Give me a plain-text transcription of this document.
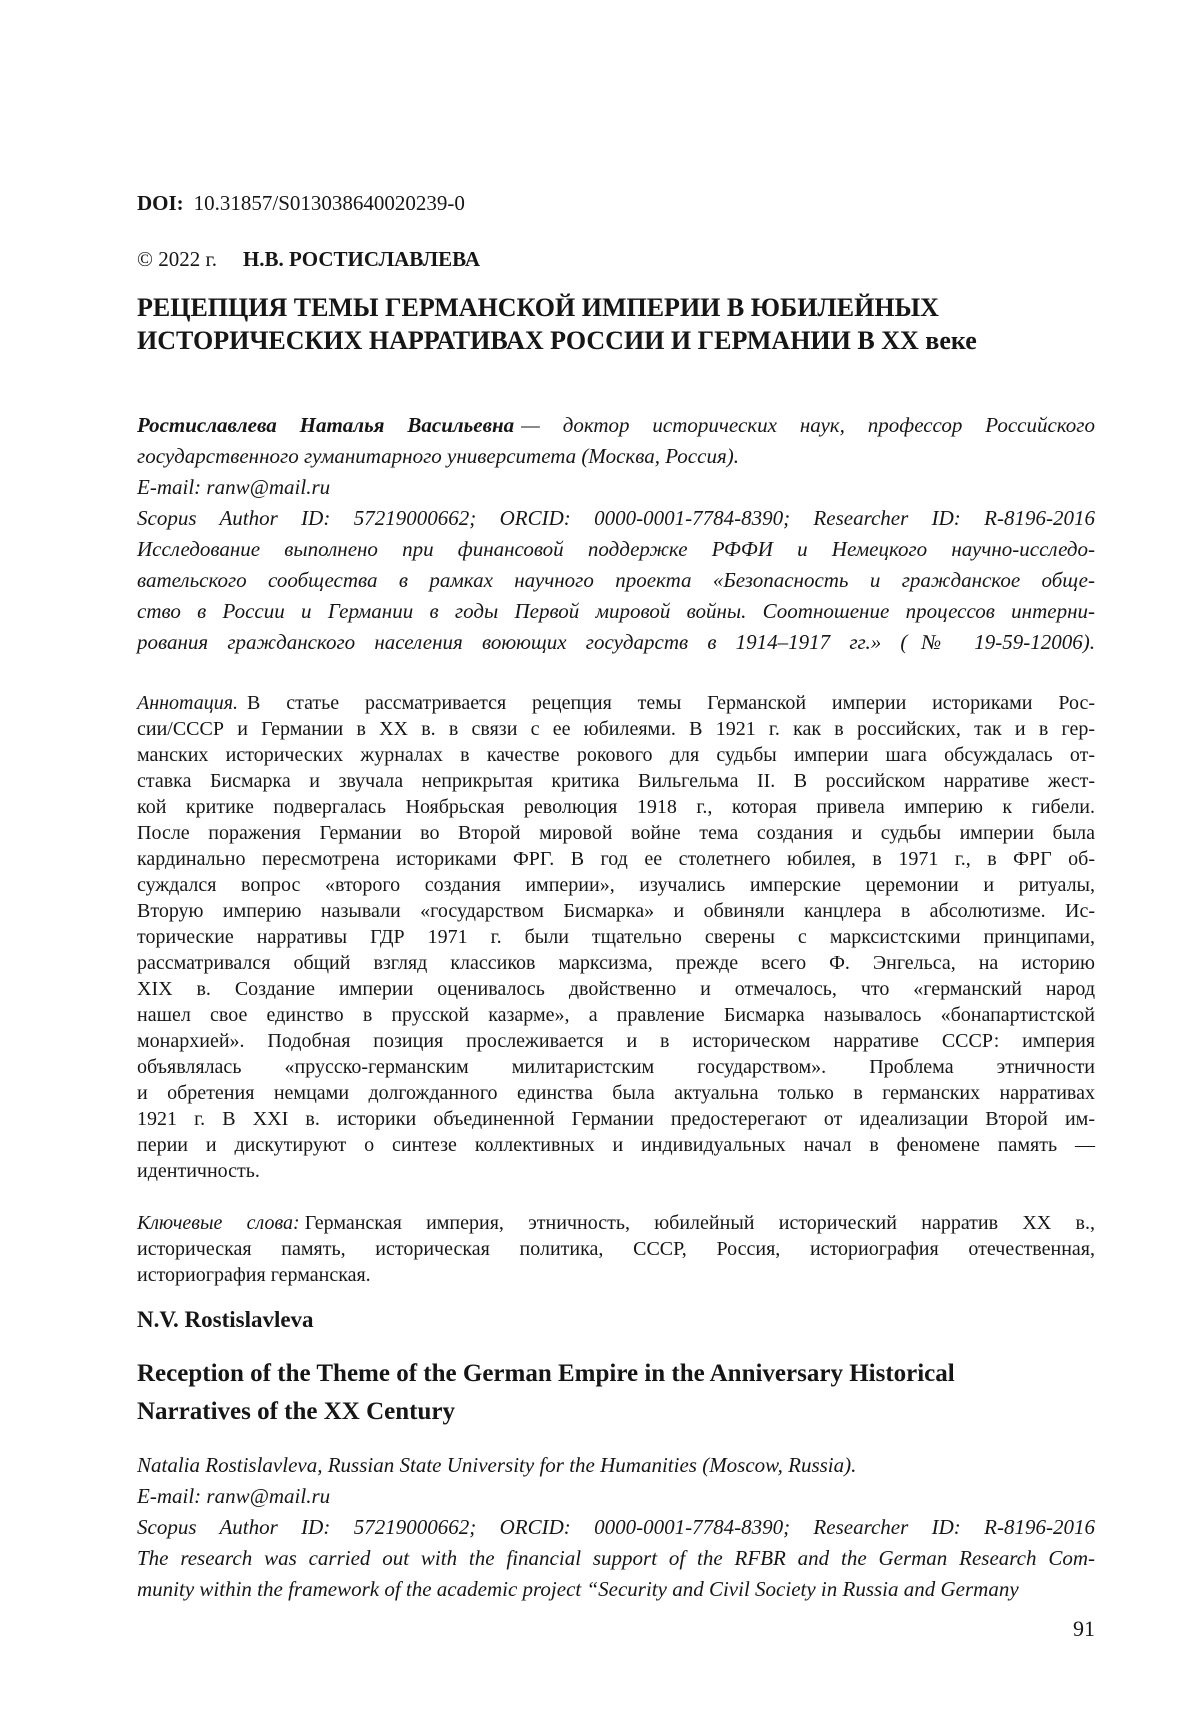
DOI: 10.31857/S013038640020239-0
© 2022 г. Н.В. РОСТИСЛАВЛЕВА
РЕЦЕПЦИЯ ТЕМЫ ГЕРМАНСКОЙ ИМПЕРИИ В ЮБИЛЕЙНЫХ
ИСТОРИЧЕСКИХ НАРРАТИВАХ РОССИИ И ГЕРМАНИИ В XX веке
Ростиславлева Наталья Васильевна — доктор исторических наук, профессор Российского
государственного гуманитарного университета (Москва, Россия).
E-mail: ranw@mail.ru
Scopus Author ID: 57219000662; ORCID: 0000-0001-7784-8390; Researcher ID: R-8196-2016
Исследование выполнено при финансовой поддержке РФФИ и Немецкого научно-исследо-
вательского сообщества в рамках научного проекта «Безопасность и гражданское обще-
ство в России и Германии в годы Первой мировой войны. Соотношение процессов интерни-
рования гражданского населения воюющих государств в 1914–1917 гг.» (№ 19-59-12006).
Аннотация. В статье рассматривается рецепция темы Германской империи историками Рос-
сии/СССР и Германии в XX в. в связи с ее юбилеями. В 1921 г. как в российских, так и в гер-
манских исторических журналах в качестве рокового для судьбы империи шага обсуждалась от-
ставка Бисмарка и звучала неприкрытая критика Вильгельма II. В российском нарративе жест-
кой критике подвергалась Ноябрьская революция 1918 г., которая привела империю к гибели.
После поражения Германии во Второй мировой войне тема создания и судьбы империи была
кардинально пересмотрена историками ФРГ. В год ее столетнего юбилея, в 1971 г., в ФРГ об-
суждался вопрос «второго создания империи», изучались имперские церемонии и ритуалы,
Вторую империю называли «государством Бисмарка» и обвиняли канцлера в абсолютизме. Ис-
торические нарративы ГДР 1971 г. были тщательно сверены с марксистскими принципами,
рассматривался общий взгляд классиков марксизма, прежде всего Ф. Энгельса, на историю
XIX в. Создание империи оценивалось двойственно и отмечалось, что «германский народ
нашел свое единство в прусской казарме», а правление Бисмарка называлось «бонапартистской
монархией». Подобная позиция прослеживается и в историческом нарративе СССР: империя
объявлялась «прусско-германским милитаристским государством». Проблема этничности
и обретения немцами долгожданного единства была актуальна только в германских нарративах
1921 г. В XXI в. историки объединенной Германии предостерегают от идеализации Второй им-
перии и дискутируют о синтезе коллективных и индивидуальных начал в феномене память —
идентичность.
Ключевые слова: Германская империя, этничность, юбилейный исторический нарратив XX в.,
историческая память, историческая политика, СССР, Россия, историография отечественная,
историография германская.
N.V. Rostislavleva
Reception of the Theme of the German Empire in the Anniversary Historical
Narratives of the XX Century
Natalia Rostislavleva, Russian State University for the Humanities (Moscow, Russia).
E-mail: ranw@mail.ru
Scopus Author ID: 57219000662; ORCID: 0000-0001-7784-8390; Researcher ID: R-8196-2016
The research was carried out with the financial support of the RFBR and the German Research Com-
munity within the framework of the academic project “Security and Civil Society in Russia and Germany
91
